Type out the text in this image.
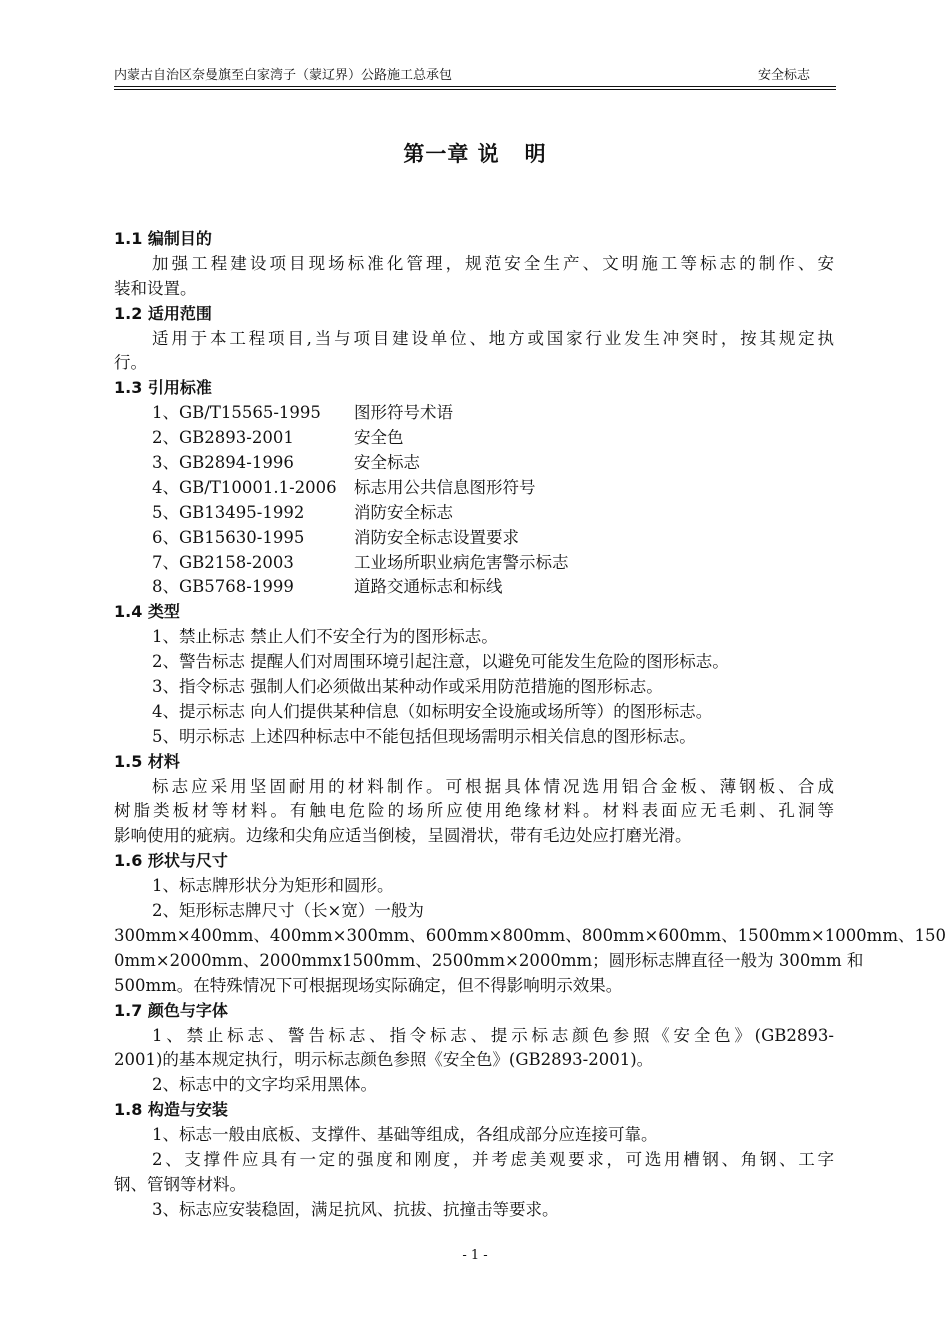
内蒙古自治区奈曼旗至白家湾子（蒙辽界）公路施工总承包	安全标志
第一章 说   明
1.1 编制目的
加强工程建设项目现场标准化管理，规范安全生产、文明施工等标志的制作、安
装和设置。
1.2 适用范围
适用于本工程项目,当与项目建设单位、地方或国家行业发生冲突时，按其规定执
行。
1.3 引用标准
1、GB/T15565-1995 图形符号术语
2、GB2893-2001	安全色
3、GB2894-1996	安全标志
4、GB/T10001.1-2006 标志用公共信息图形符号
5、GB13495-1992	消防安全标志
6、GB15630-1995	消防安全标志设置要求
7、GB2158-2003	工业场所职业病危害警示标志
8、GB5768-1999	道路交通标志和标线
1.4 类型
1、禁止标志 禁止人们不安全行为的图形标志。
2、警告标志 提醒人们对周围环境引起注意，以避免可能发生危险的图形标志。
3、指令标志 强制人们必须做出某种动作或采用防范措施的图形标志。
4、提示标志 向人们提供某种信息（如标明安全设施或场所等）的图形标志。
5、明示标志 上述四种标志中不能包括但现场需明示相关信息的图形标志。
1.5 材料
标志应采用坚固耐用的材料制作。可根据具体情况选用铝合金板、薄钢板、合成
树脂类板材等材料。有触电危险的场所应使用绝缘材料。材料表面应无毛刺、孔洞等
影响使用的疵病。边缘和尖角应适当倒棱，呈圆滑状，带有毛边处应打磨光滑。
1.6 形状与尺寸
1、标志牌形状分为矩形和圆形。
2、矩形标志牌尺寸（长×宽）一般为
300mm×400mm、400mm×300mm、600mm×800mm、800mm×600mm、1500mm×1000mm、150
0mm×2000mm、2000mmx1500mm、2500mm×2000mm；圆形标志牌直径一般为 300mm 和
500mm。在特殊情况下可根据现场实际确定，但不得影响明示效果。
1.7 颜色与字体
1、禁止标志、警告标志、指令标志、提示标志颜色参照《安全色》(GB2893-
2001)的基本规定执行，明示标志颜色参照《安全色》(GB2893-2001)。
2、标志中的文字均采用黑体。
1.8 构造与安装
1、标志一般由底板、支撑件、基础等组成，各组成部分应连接可靠。
2、支撑件应具有一定的强度和刚度，并考虑美观要求，可选用槽钢、角钢、工字
钢、管钢等材料。
3、标志应安装稳固，满足抗风、抗拔、抗撞击等要求。
- 1 -
